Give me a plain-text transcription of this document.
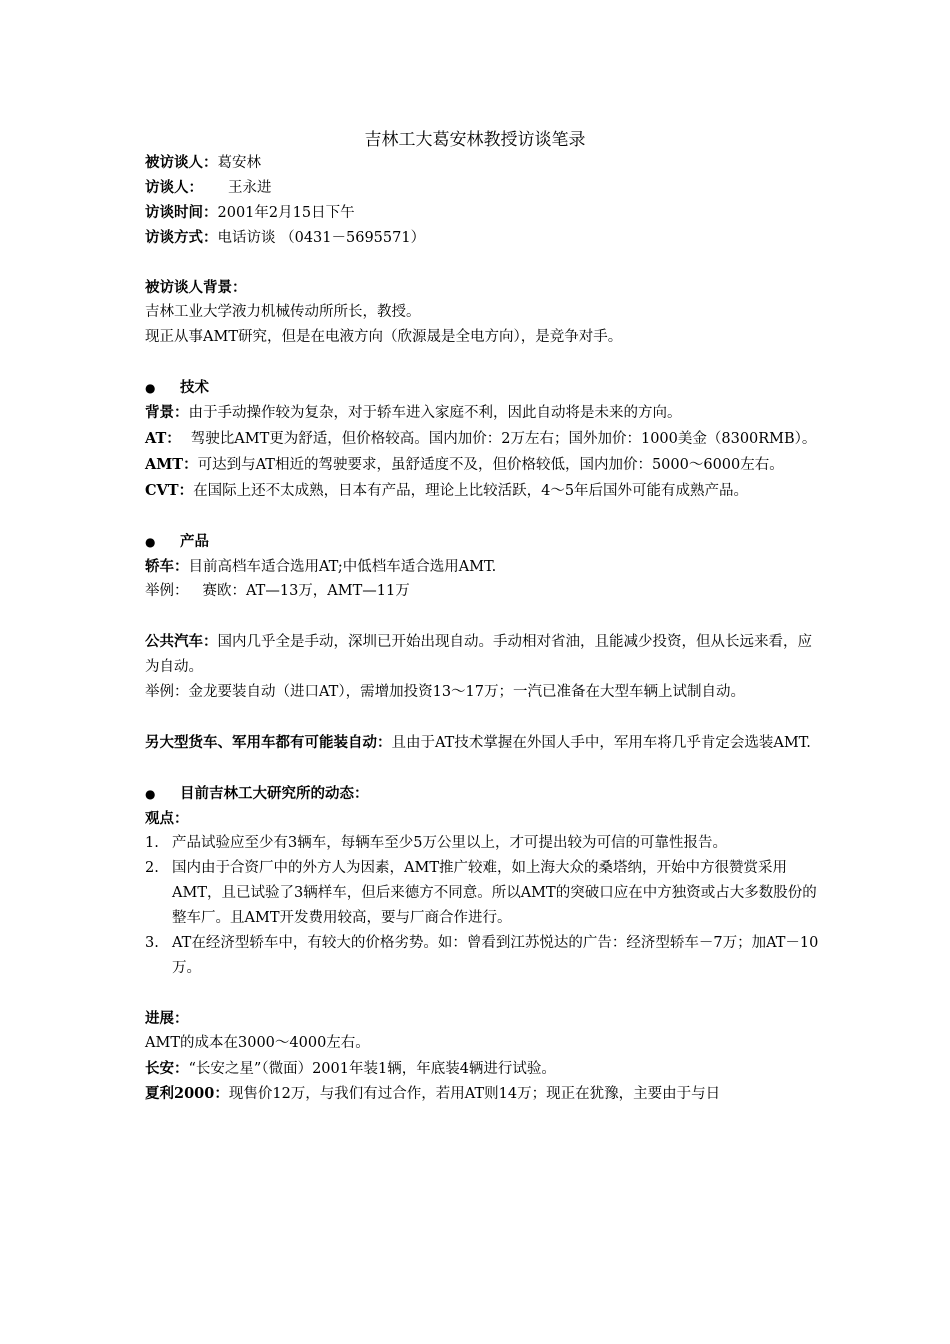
吉林工大葛安林教授访谈笔录
被访谈人：葛安林
访谈人： 王永进
访谈时间：2001年2月15日下午
访谈方式：电话访谈 （0431－5695571）
被访谈人背景：
吉林工业大学液力机械传动所所长，教授。
现正从事AMT研究，但是在电液方向（欣源晟是全电方向），是竞争对手。
● 技术
背景：由于手动操作较为复杂，对于轿车进入家庭不利，因此自动将是未来的方向。
AT： 驾驶比AMT更为舒适，但价格较高。国内加价：2万左右；国外加价：1000美金（8300RMB）。
AMT：可达到与AT相近的驾驶要求，虽舒适度不及，但价格较低，国内加价：5000～6000左右。
CVT：在国际上还不太成熟，日本有产品，理论上比较活跃，4～5年后国外可能有成熟产品。
● 产品
轿车：目前高档车适合选用AT;中低档车适合选用AMT.
举例： 赛欧：AT—13万，AMT—11万
公共汽车：国内几乎全是手动，深圳已开始出现自动。手动相对省油，且能减少投资，但从长远来看，应为自动。
举例：金龙要装自动（进口AT），需增加投资13～17万；一汽已准备在大型车辆上试制自动。
另大型货车、军用车都有可能装自动：且由于AT技术掌握在外国人手中，军用车将几乎肯定会选装AMT.
● 目前吉林工大研究所的动态：
观点：
1. 产品试验应至少有3辆车，每辆车至少5万公里以上，才可提出较为可信的可靠性报告。
2. 国内由于合资厂中的外方人为因素，AMT推广较难，如上海大众的桑塔纳，开始中方很赞赏采用AMT，且已试验了3辆样车，但后来德方不同意。所以AMT的突破口应在中方独资或占大多数股份的整车厂。且AMT开发费用较高，要与厂商合作进行。
3. AT在经济型轿车中，有较大的价格劣势。如：曾看到江苏悦达的广告：经济型轿车－7万；加AT－10万。
进展：
AMT的成本在3000～4000左右。
长安：“长安之星”（微面）2001年装1辆，年底装4辆进行试验。
夏利2000：现售价12万，与我们有过合作，若用AT则14万；现正在犹豫，主要由于与日
